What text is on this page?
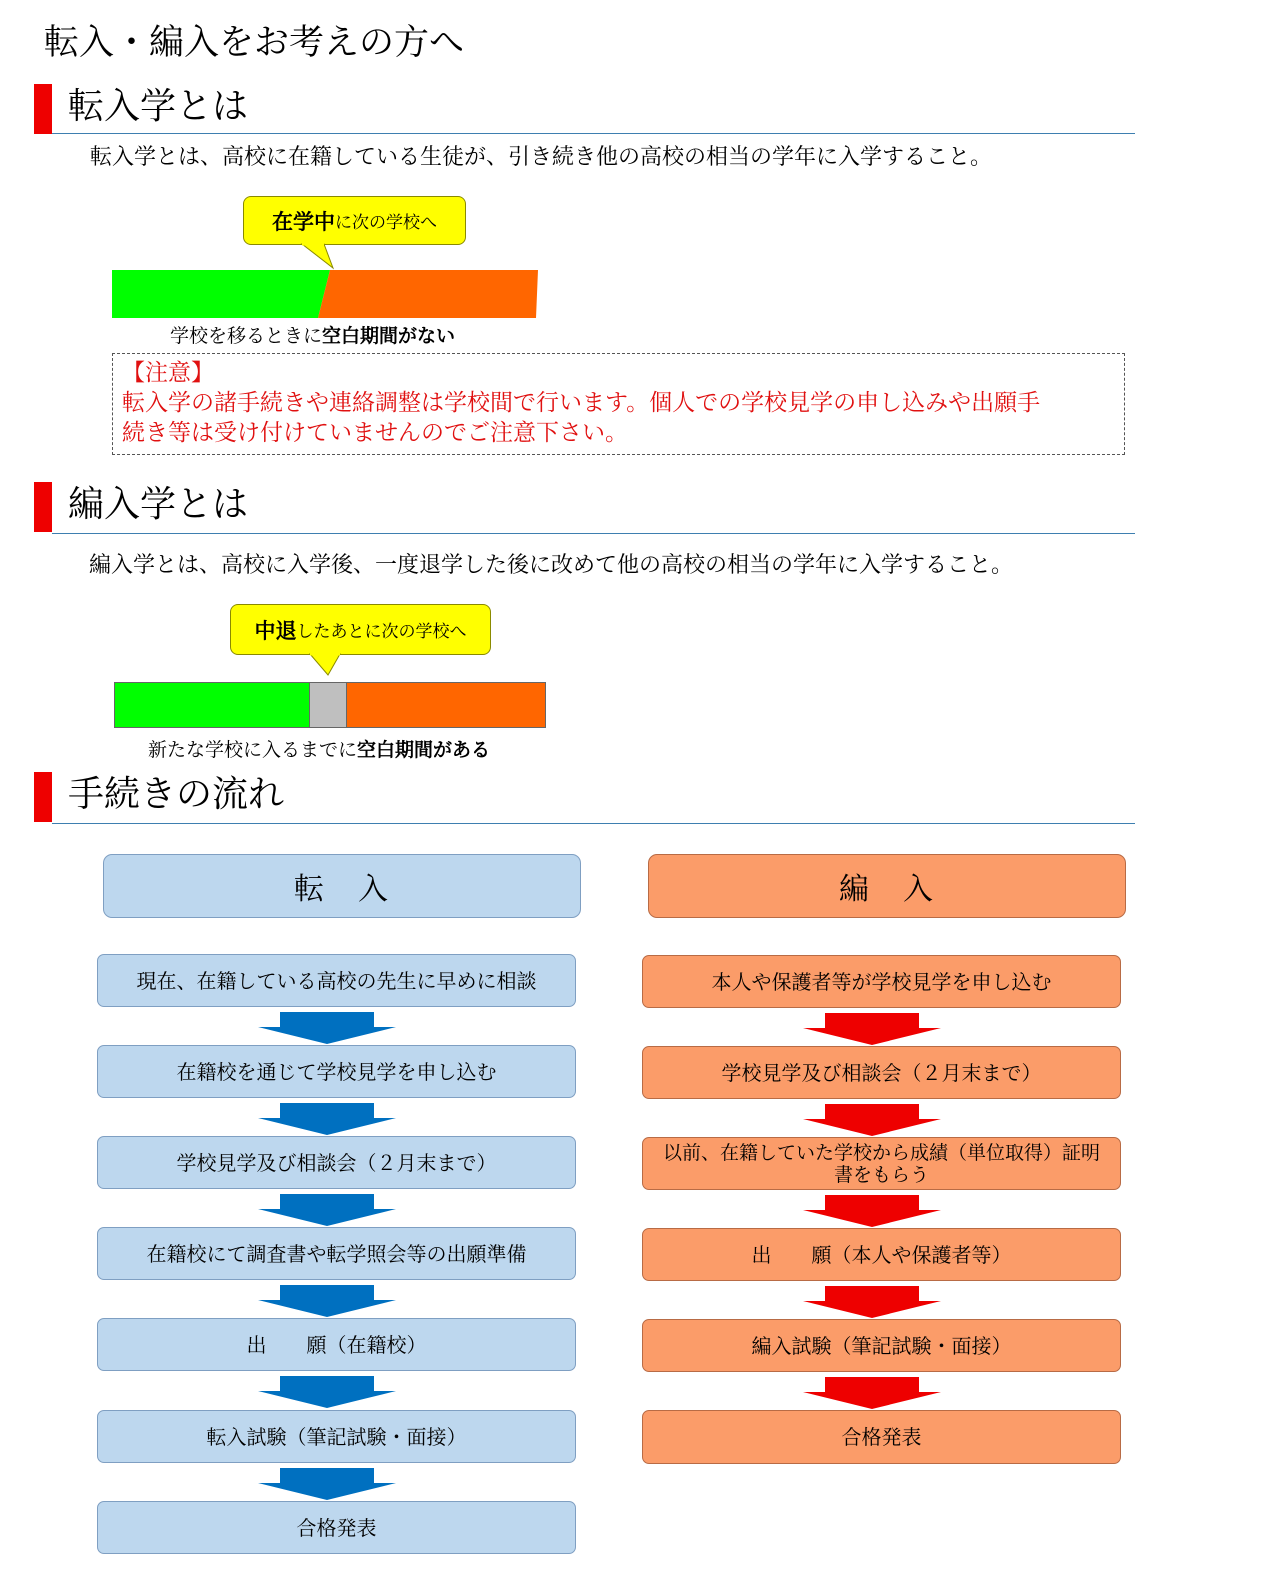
転入・編入をお考えの方へ
転入学とは
転入学とは、高校に在籍している生徒が、引き続き他の高校の相当の学年に入学すること。
在学中 に次の学校へ
学校を移るときに空白期間がない
【注意】
転入学の諸手続きや連絡調整は学校間で行います。個人での学校見学の申し込みや出願手
続き等は受け付けていませんのでご注意下さい。
編入学とは
編入学とは、高校に入学後、一度退学した後に改めて他の高校の相当の学年に入学すること。
中退 したあとに次の学校へ
新たな学校に入るまでに空白期間がある
手続きの流れ
転　入
現在、在籍している高校の先生に早めに相談
在籍校を通じて学校見学を申し込む
学校見学及び相談会（２月末まで）
在籍校にて調査書や転学照会等の出願準備
出　　願（在籍校）
転入試験（筆記試験・面接）
合格発表
編　入
本人や保護者等が学校見学を申し込む
学校見学及び相談会（２月末まで）
以前、在籍していた学校から成績（単位取得）証明書をもらう
出　　願（本人や保護者等）
編入試験（筆記試験・面接）
合格発表
